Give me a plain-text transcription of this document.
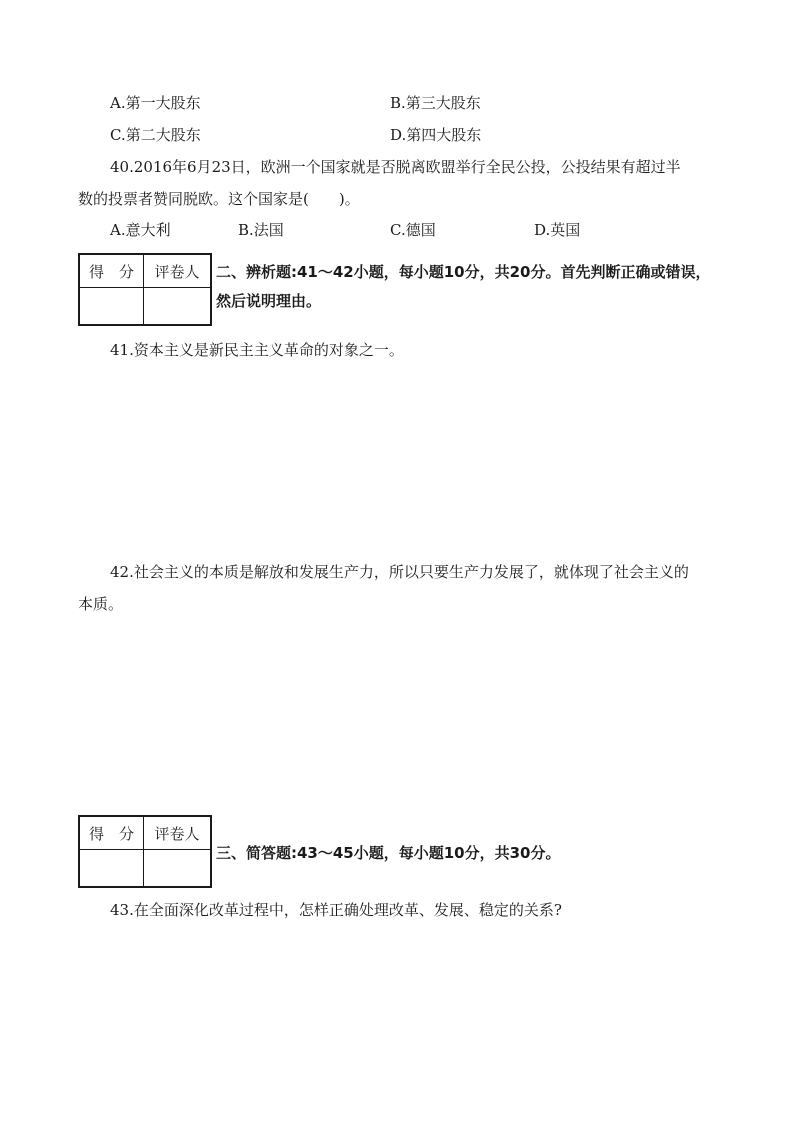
A.第一大股东	B.第三大股东
C.第二大股东	D.第四大股东
40.2016年6月23日，欧洲一个国家就是否脱离欧盟举行全民公投，公投结果有超过半
数的投票者赞同脱欧。这个国家是(　　)。
A.意大利	B.法国	C.德国	D.英国
得　分	评卷人
	二、辨析题:41～42小题，每小题10分，共20分。首先判断正确或错误，
然后说明理由。
41.资本主义是新民主主义革命的对象之一。
42.社会主义的本质是解放和发展生产力，所以只要生产力发展了，就体现了社会主义的
本质。
得　分	评卷人

三、简答题:43～45小题，每小题10分，共30分。
43.在全面深化改革过程中，怎样正确处理改革、发展、稳定的关系?
